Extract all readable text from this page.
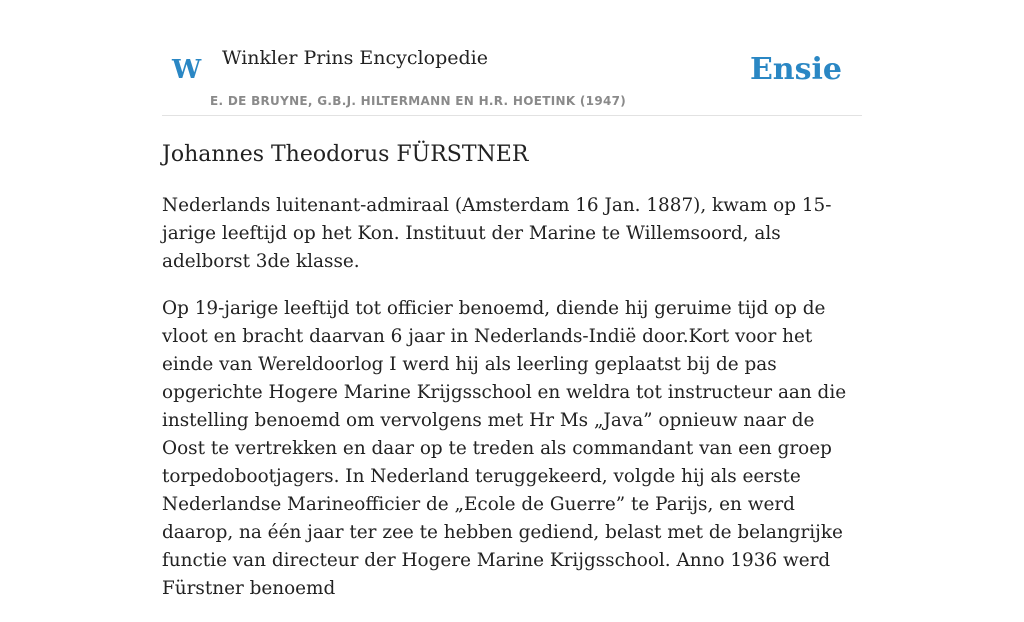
W Winkler Prins Encyclopedie
E. DE BRUYNE, G.B.J. HILTERMANN EN H.R. HOETINK (1947)
Ensie
Johannes Theodorus FÜRSTNER

Nederlands luitenant-admiraal (Amsterdam 16 Jan. 1887), kwam op 15-jarige leeftijd op het Kon. Instituut der Marine te Willemsoord, als adelborst 3de klasse.

Op 19-jarige leeftijd tot officier benoemd, diende hij geruime tijd op de vloot en bracht daarvan 6 jaar in Nederlands-Indië door.Kort voor het einde van Wereldoorlog I werd hij als leerling geplaatst bij de pas opgerichte Hogere Marine Krijgsschool en weldra tot instructeur aan die instelling benoemd om vervolgens met Hr Ms „Java” opnieuw naar de Oost te vertrekken en daar op te treden als commandant van een groep torpedobootjagers. In Nederland teruggekeerd, volgde hij als eerste Nederlandse Marineofficier de „Ecole de Guerre” te Parijs, en werd daarop, na één jaar ter zee te hebben gediend, belast met de belangrijke functie van directeur der Hogere Marine Krijgsschool. Anno 1936 werd Fürstner benoemd
